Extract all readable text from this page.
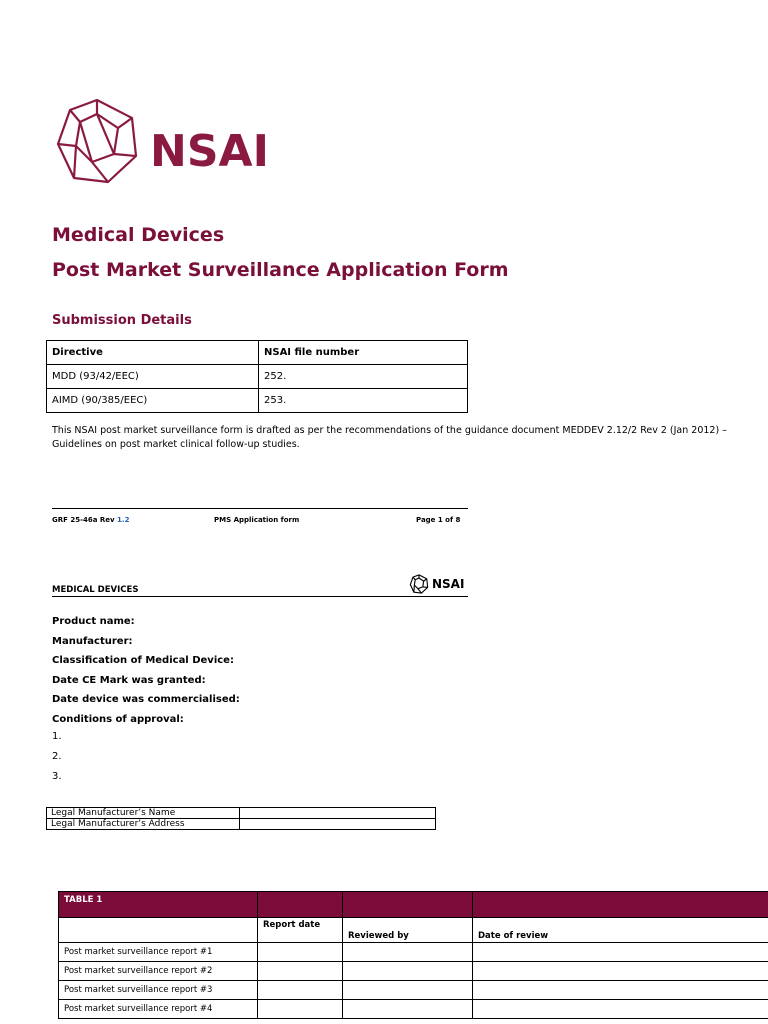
NSAI
Medical Devices
Post Market Surveillance Application Form
Submission Details
Directive	NSAI file number
MDD (93/42/EEC)	252.
AIMD (90/385/EEC)	253.
This NSAI post market surveillance form is drafted as per the recommendations of the guidance document MEDDEV 2.12/2 Rev 2 (Jan 2012) – Guidelines on post market clinical follow-up studies.
GRF 25-46a Rev 1.2	PMS Application form	Page 1 of 8
MEDICAL DEVICES	NSAI
Product name:
Manufacturer:
Classification of Medical Device:
Date CE Mark was granted:
Date device was commercialised:
Conditions of approval:
1.
2.
3.
Legal Manufacturer’s Name	
Legal Manufacturer’s Address	
TABLE 1			
	Report date	Reviewed by	Date of review
Post market surveillance report #1			
Post market surveillance report #2			
Post market surveillance report #3			
Post market surveillance report #4			
